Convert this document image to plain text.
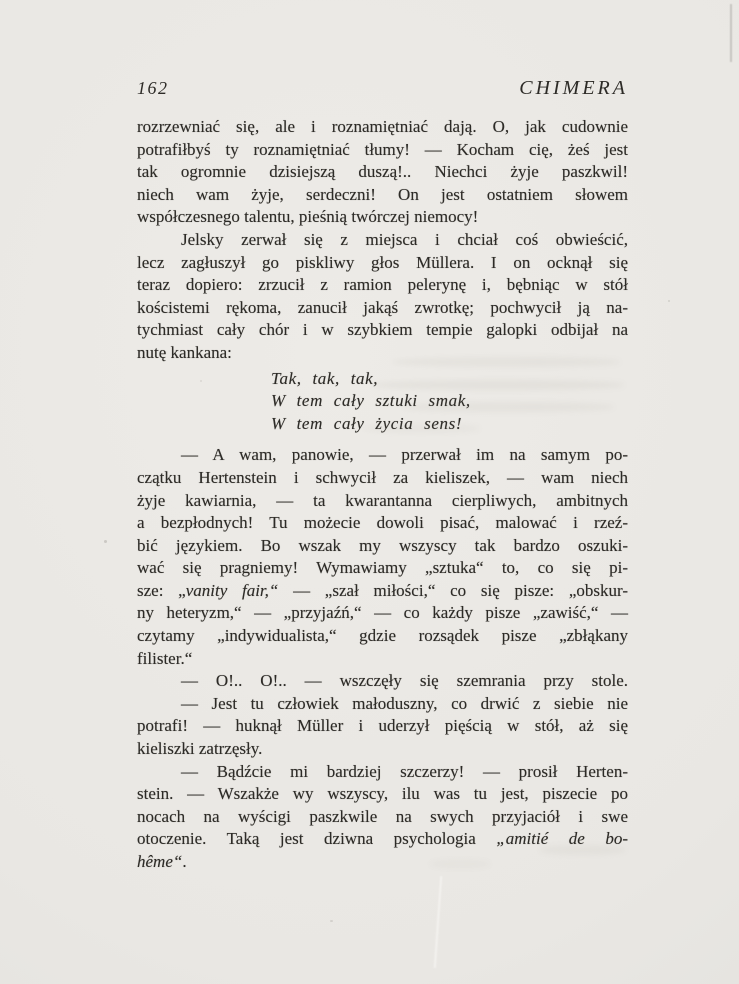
162	CHIMERA
rozrzewniać się, ale i roznamiętniać dają. O, jak cudownie
potrafiłbyś ty roznamiętniać tłumy! — Kocham cię, żeś jest
tak ogromnie dzisiejszą duszą!.. Niechci żyje paszkwil!
niech wam żyje, serdeczni! On jest ostatniem słowem
współczesnego talentu, pieśnią twórczej niemocy!
Jelsky zerwał się z miejsca i chciał coś obwieścić,
lecz zagłuszył go piskliwy głos Müllera. I on ocknął się
teraz dopiero: zrzucił z ramion pelerynę i, bębniąc w stół
kościstemi rękoma, zanucił jakąś zwrotkę; pochwycił ją na-
tychmiast cały chór i w szybkiem tempie galopki odbijał na
nutę kankana:
Tak, tak, tak,
W tem cały sztuki smak,
W tem cały życia sens!
— A wam, panowie, — przerwał im na samym po-
czątku Hertenstein i schwycił za kieliszek, — wam niech
żyje kawiarnia, — ta kwarantanna cierpliwych, ambitnych
a bezpłodnych! Tu możecie dowoli pisać, malować i rzeź-
bić językiem. Bo wszak my wszyscy tak bardzo oszuki-
wać się pragniemy! Wymawiamy „sztuka“ to, co się pi-
sze: „vanity fair,“ — „szał miłości,“ co się pisze: „obskur-
ny heteryzm,“ — „przyjaźń,“ — co każdy pisze „zawiść,“ —
czytamy „indywidualista,“ gdzie rozsądek pisze „zbłąkany
filister.“
— O!.. O!.. — wszczęły się szemrania przy stole.
— Jest tu człowiek małoduszny, co drwić z siebie nie
potrafi! — huknął Müller i uderzył pięścią w stół, aż się
kieliszki zatrzęsły.
— Bądźcie mi bardziej szczerzy! — prosił Herten-
stein. — Wszakże wy wszyscy, ilu was tu jest, piszecie po
nocach na wyścigi paszkwile na swych przyjaciół i swe
otoczenie. Taką jest dziwna psychologia „amitié de bo-
hême“.
